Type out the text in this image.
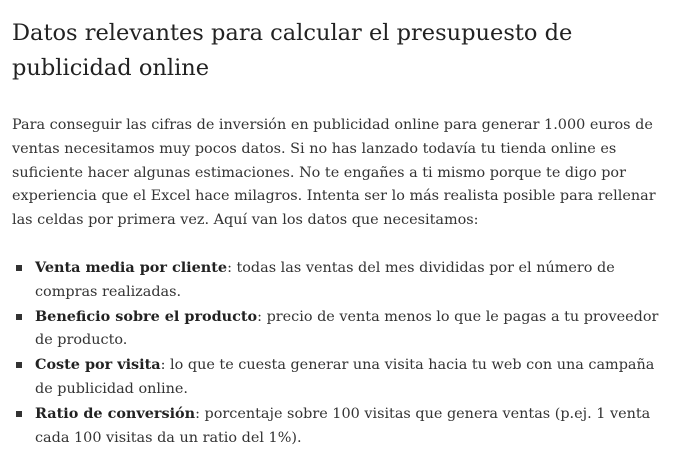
Datos relevantes para calcular el presupuesto de publicidad online

Para conseguir las cifras de inversión en publicidad online para generar 1.000 euros de ventas necesitamos muy pocos datos. Si no has lanzado todavía tu tienda online es suficiente hacer algunas estimaciones. No te engañes a ti mismo porque te digo por experiencia que el Excel hace milagros. Intenta ser lo más realista posible para rellenar las celdas por primera vez. Aquí van los datos que necesitamos:

Venta media por cliente: todas las ventas del mes divididas por el número de compras realizadas.
Beneficio sobre el producto: precio de venta menos lo que le pagas a tu proveedor de producto.
Coste por visita: lo que te cuesta generar una visita hacia tu web con una campaña de publicidad online.
Ratio de conversión: porcentaje sobre 100 visitas que genera ventas (p.ej. 1 venta cada 100 visitas da un ratio del 1%).
